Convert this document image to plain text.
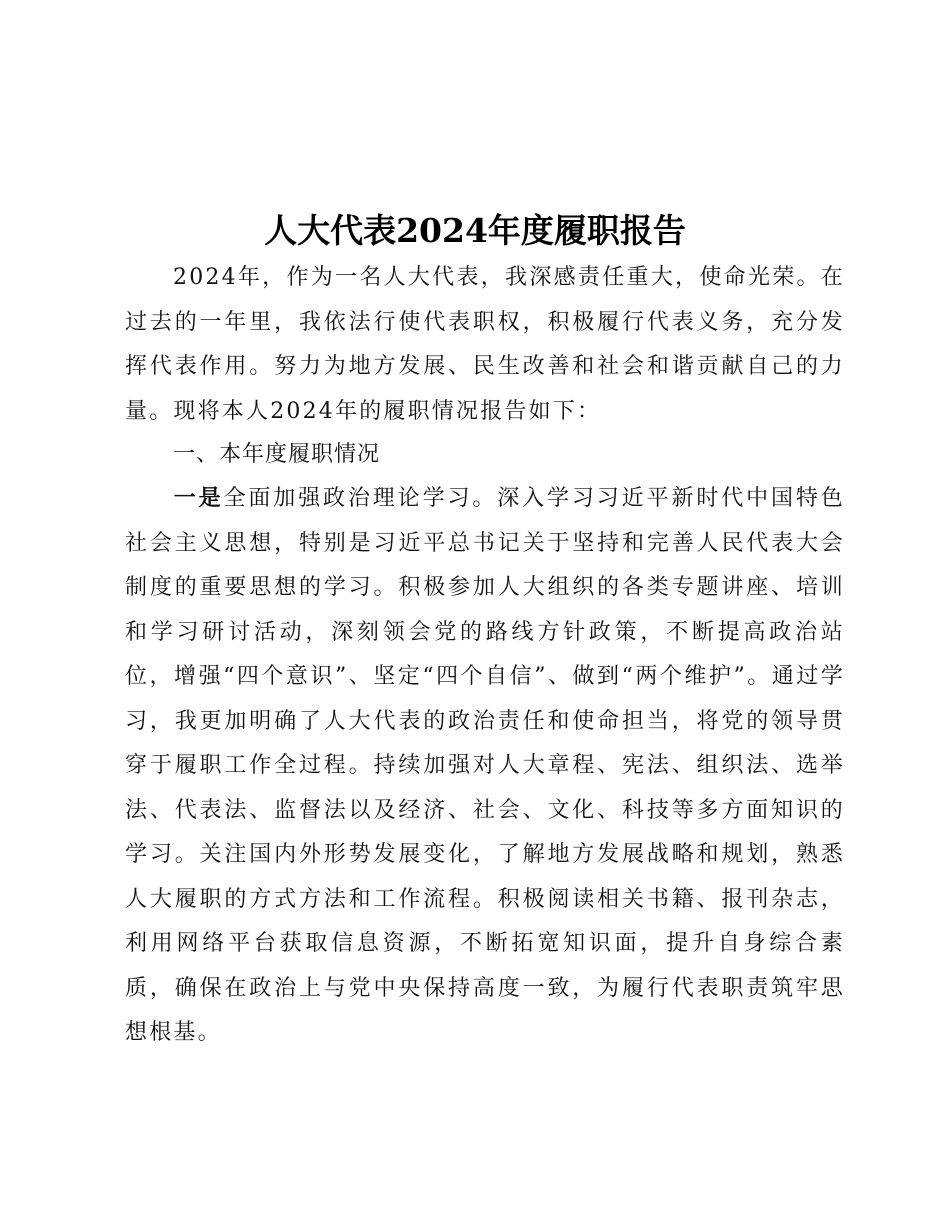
人大代表2024年度履职报告

2024年，作为一名人大代表，我深感责任重大，使命光荣。在过去的一年里，我依法行使代表职权，积极履行代表义务，充分发挥代表作用。努力为地方发展、民生改善和社会和谐贡献自己的力量。现将本人2024年的履职情况报告如下：

一、本年度履职情况

一是全面加强政治理论学习。深入学习习近平新时代中国特色社会主义思想，特别是习近平总书记关于坚持和完善人民代表大会制度的重要思想的学习。积极参加人大组织的各类专题讲座、培训和学习研讨活动，深刻领会党的路线方针政策，不断提高政治站位，增强“四个意识”、坚定“四个自信”、做到“两个维护”。通过学习，我更加明确了人大代表的政治责任和使命担当，将党的领导贯穿于履职工作全过程。持续加强对人大章程、宪法、组织法、选举法、代表法、监督法以及经济、社会、文化、科技等多方面知识的学习。关注国内外形势发展变化，了解地方发展战略和规划，熟悉人大履职的方式方法和工作流程。积极阅读相关书籍、报刊杂志，利用网络平台获取信息资源，不断拓宽知识面，提升自身综合素质，确保在政治上与党中央保持高度一致，为履行代表职责筑牢思想根基。
